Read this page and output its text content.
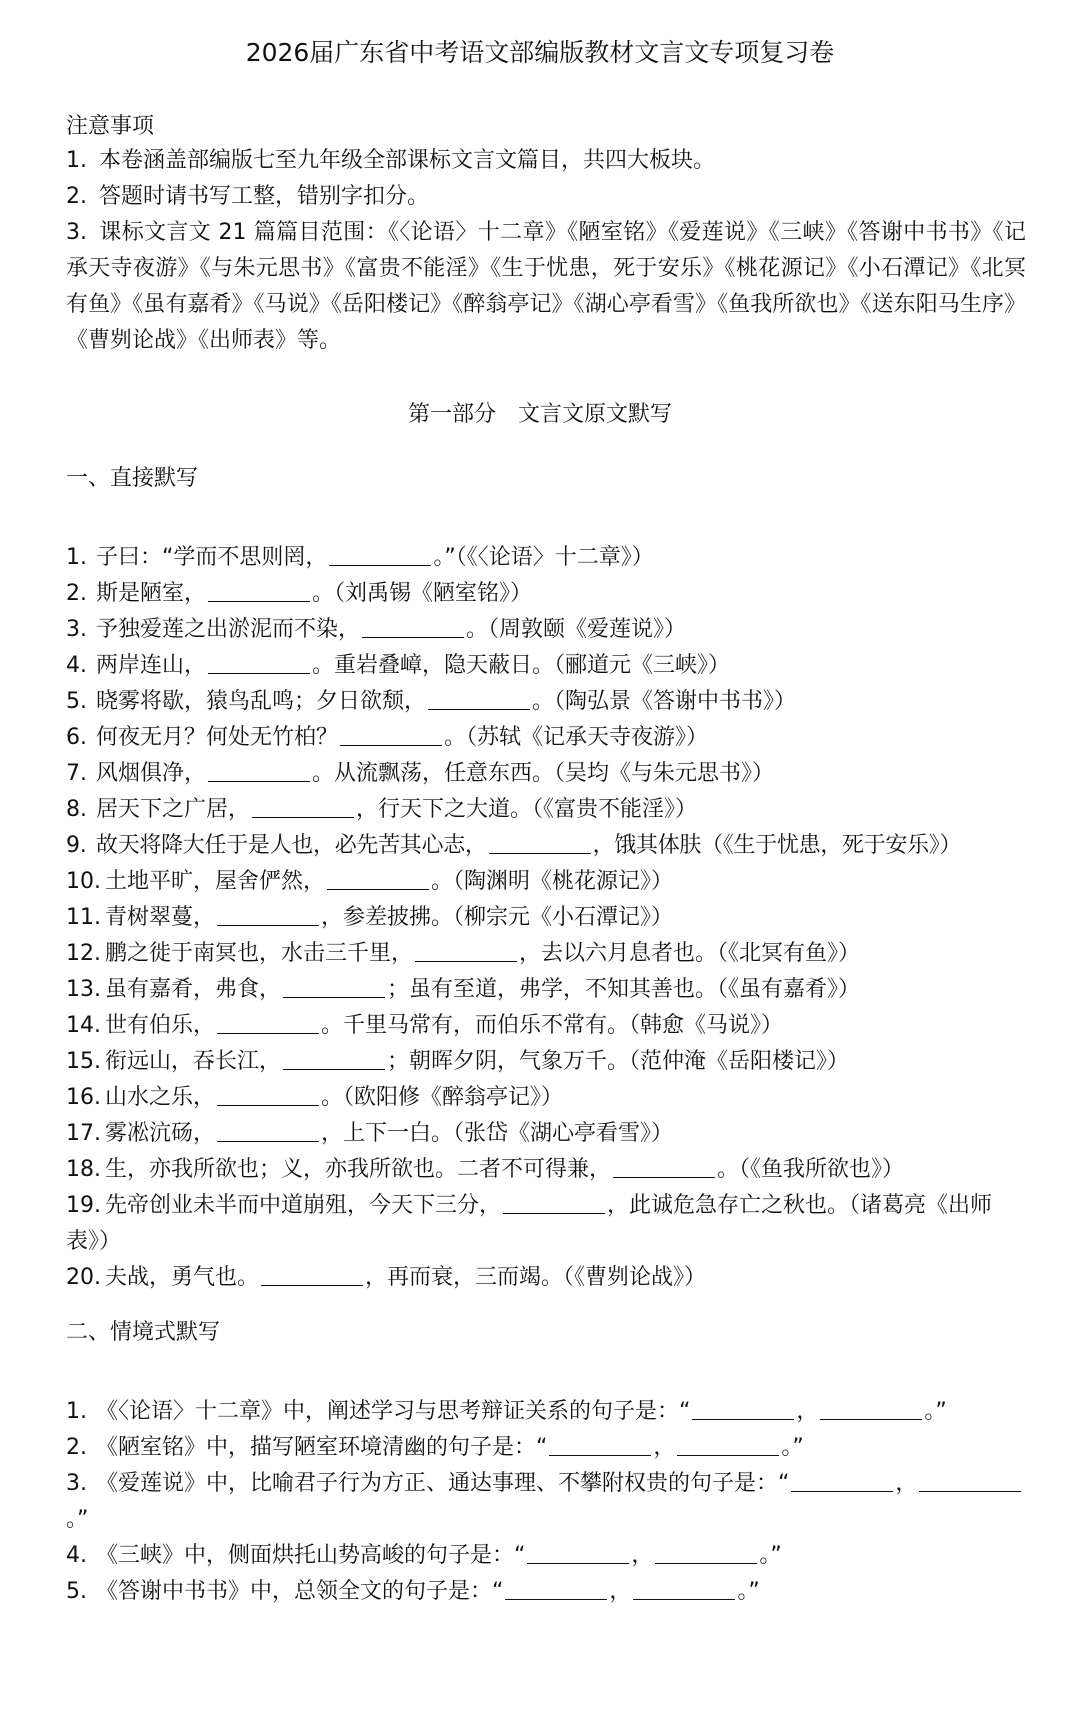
2026届广东省中考语文部编版教材文言文专项复习卷
注意事项
1. 本卷涵盖部编版七至九年级全部课标文言文篇目，共四大板块。
2. 答题时请书写工整，错别字扣分。
3. 课标文言文 21 篇篇目范围：《〈论语〉十二章》《陋室铭》《爱莲说》《三峡》《答谢中书书》《记承天寺夜游》《与朱元思书》《富贵不能淫》《生于忧患，死于安乐》《桃花源记》《小石潭记》《北冥有鱼》《虽有嘉肴》《马说》《岳阳楼记》《醉翁亭记》《湖心亭看雪》《鱼我所欲也》《送东阳马生序》《曹刿论战》《出师表》等。
第一部分　文言文原文默写
一、直接默写
1. 子曰：“学而不思则罔，	。”（《〈论语〉十二章》）
2. 斯是陋室，	。（刘禹锡《陋室铭》）
3. 予独爱莲之出淤泥而不染，	。（周敦颐《爱莲说》）
4. 两岸连山，	。重岩叠嶂，隐天蔽日。（郦道元《三峡》）
5. 晓雾将歇，猿鸟乱鸣；夕日欲颓，	。（陶弘景《答谢中书书》）
6. 何夜无月？何处无竹柏？	。（苏轼《记承天寺夜游》）
7. 风烟俱净，	。从流飘荡，任意东西。（吴均《与朱元思书》）
8. 居天下之广居，	，行天下之大道。（《富贵不能淫》）
9. 故天将降大任于是人也，必先苦其心志，	，饿其体肤（《生于忧患，死于安乐》）
10. 土地平旷，屋舍俨然，	。（陶渊明《桃花源记》）
11. 青树翠蔓，	，参差披拂。（柳宗元《小石潭记》）
12. 鹏之徙于南冥也，水击三千里，	，去以六月息者也。（《北冥有鱼》）
13. 虽有嘉肴，弗食，	；虽有至道，弗学，不知其善也。（《虽有嘉肴》）
14. 世有伯乐，	。千里马常有，而伯乐不常有。（韩愈《马说》）
15. 衔远山，吞长江，	；朝晖夕阴，气象万千。（范仲淹《岳阳楼记》）
16. 山水之乐，	。（欧阳修《醉翁亭记》）
17. 雾凇沆砀，	，上下一白。（张岱《湖心亭看雪》）
18. 生，亦我所欲也；义，亦我所欲也。二者不可得兼，	。（《鱼我所欲也》）
19. 先帝创业未半而中道崩殂，今天下三分，	，此诚危急存亡之秋也。（诸葛亮《出师表》）
20. 夫战，勇气也。	，再而衰，三而竭。（《曹刿论战》）
二、情境式默写
1. 《〈论语〉十二章》中，阐述学习与思考辩证关系的句子是：“	，	。”
2. 《陋室铭》中，描写陋室环境清幽的句子是：“	，	。”
3. 《爱莲说》中，比喻君子行为方正、通达事理、不攀附权贵的句子是：“	，。”
4. 《三峡》中，侧面烘托山势高峻的句子是：“	，	。”
5. 《答谢中书书》中，总领全文的句子是：“	，	。”
